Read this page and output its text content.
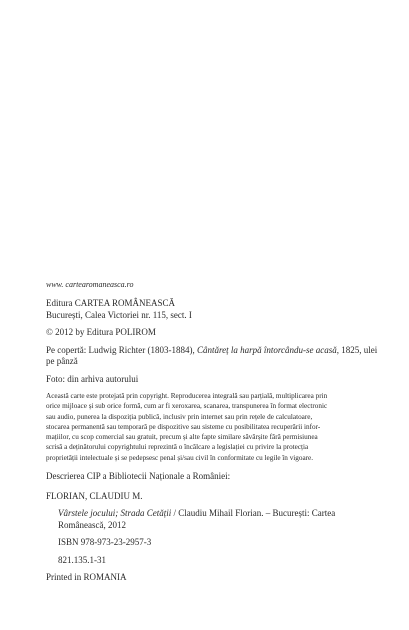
www. cartearomaneasca.ro

Editura CARTEA ROMÂNEASCĂ

București, Calea Victoriei nr. 115, sect. I

© 2012 by Editura POLIROM

Pe copertă: Ludwig Richter (1803-1884), Cântăreț la harpă întorcându-se acasă, 1825, ulei

pe pânză

Foto: din arhiva autorului

Această carte este protejată prin copyright. Reproducerea integrală sau parțială, multiplicarea prin

orice mijloace și sub orice formă, cum ar fi xeroxarea, scanarea, transpunerea în format electronic

sau audio, punerea la dispoziția publică, inclusiv prin internet sau prin rețele de calculatoare,

stocarea permanentă sau temporară pe dispozitive sau sisteme cu posibilitatea recuperării infor-

mațiilor, cu scop comercial sau gratuit, precum și alte fapte similare săvârșite fără permisiunea

scrisă a deținătorului copyrightului reprezintă o încălcare a legislației cu privire la protecția

proprietății intelectuale și se pedepsesc penal și/sau civil în conformitate cu legile în vigoare.

Descrierea CIP a Bibliotecii Naționale a României:

FLORIAN, CLAUDIU M.

Vârstele jocului; Strada Cetății / Claudiu Mihail Florian. – București: Cartea

Românească, 2012

ISBN 978-973-23-2957-3

821.135.1-31

Printed in ROMANIA
